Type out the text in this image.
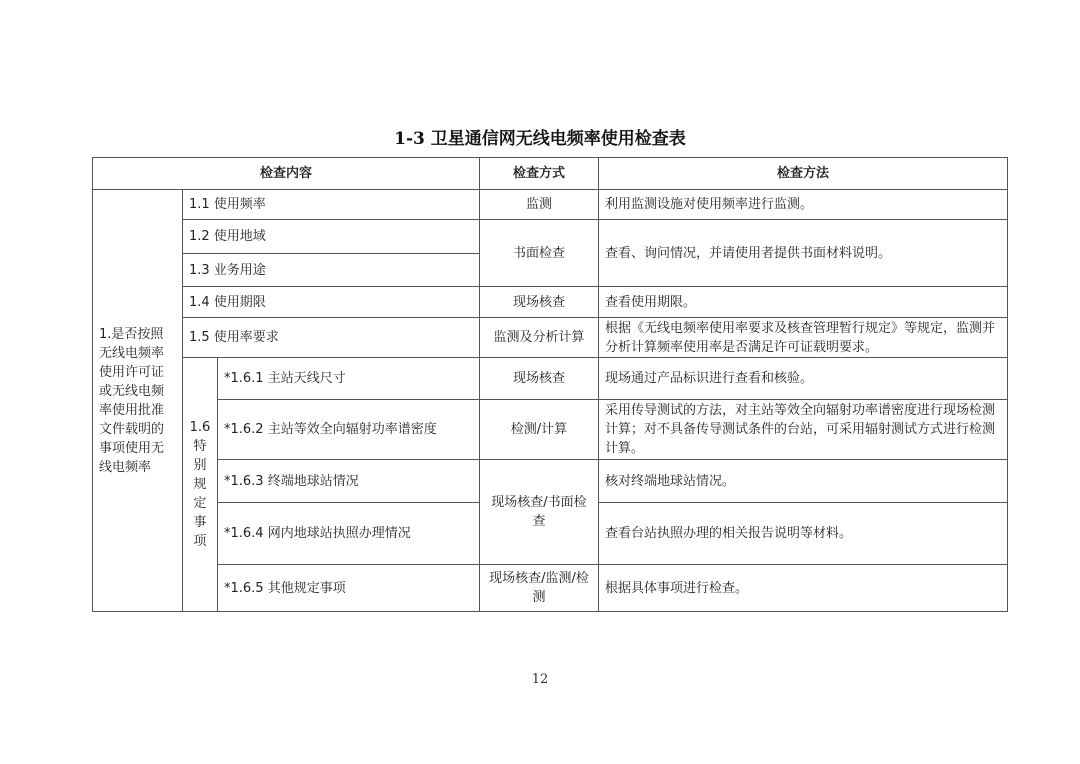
1-3 卫星通信网无线电频率使用检查表
检查内容			检查方式	检查方法
1.是否按照无线电频率使用许可证或无线电频率使用批准文件载明的事项使用无线电频率	1.1 使用频率		监测	利用监测设施对使用频率进行监测。
	1.2 使用地域		书面检查	查看、询问情况，并请使用者提供书面材料说明。
	1.3 业务用途			
	1.4 使用期限		现场核查	查看使用期限。
	1.5 使用率要求		监测及分析计算	根据《无线电频率使用率要求及核查管理暂行规定》等规定，监测并分析计算频率使用率是否满足许可证载明要求。
	1.6特别规定事项	*1.6.1 主站天线尺寸	现场核查	现场通过产品标识进行查看和核验。
		*1.6.2 主站等效全向辐射功率谱密度	检测/计算	采用传导测试的方法，对主站等效全向辐射功率谱密度进行现场检测计算；对不具备传导测试条件的台站，可采用辐射测试方式进行检测计算。
		*1.6.3 终端地球站情况	现场核查/书面检查	核对终端地球站情况。
		*1.6.4 网内地球站执照办理情况		查看台站执照办理的相关报告说明等材料。
		*1.6.5 其他规定事项	现场核查/监测/检测	根据具体事项进行检查。
12
